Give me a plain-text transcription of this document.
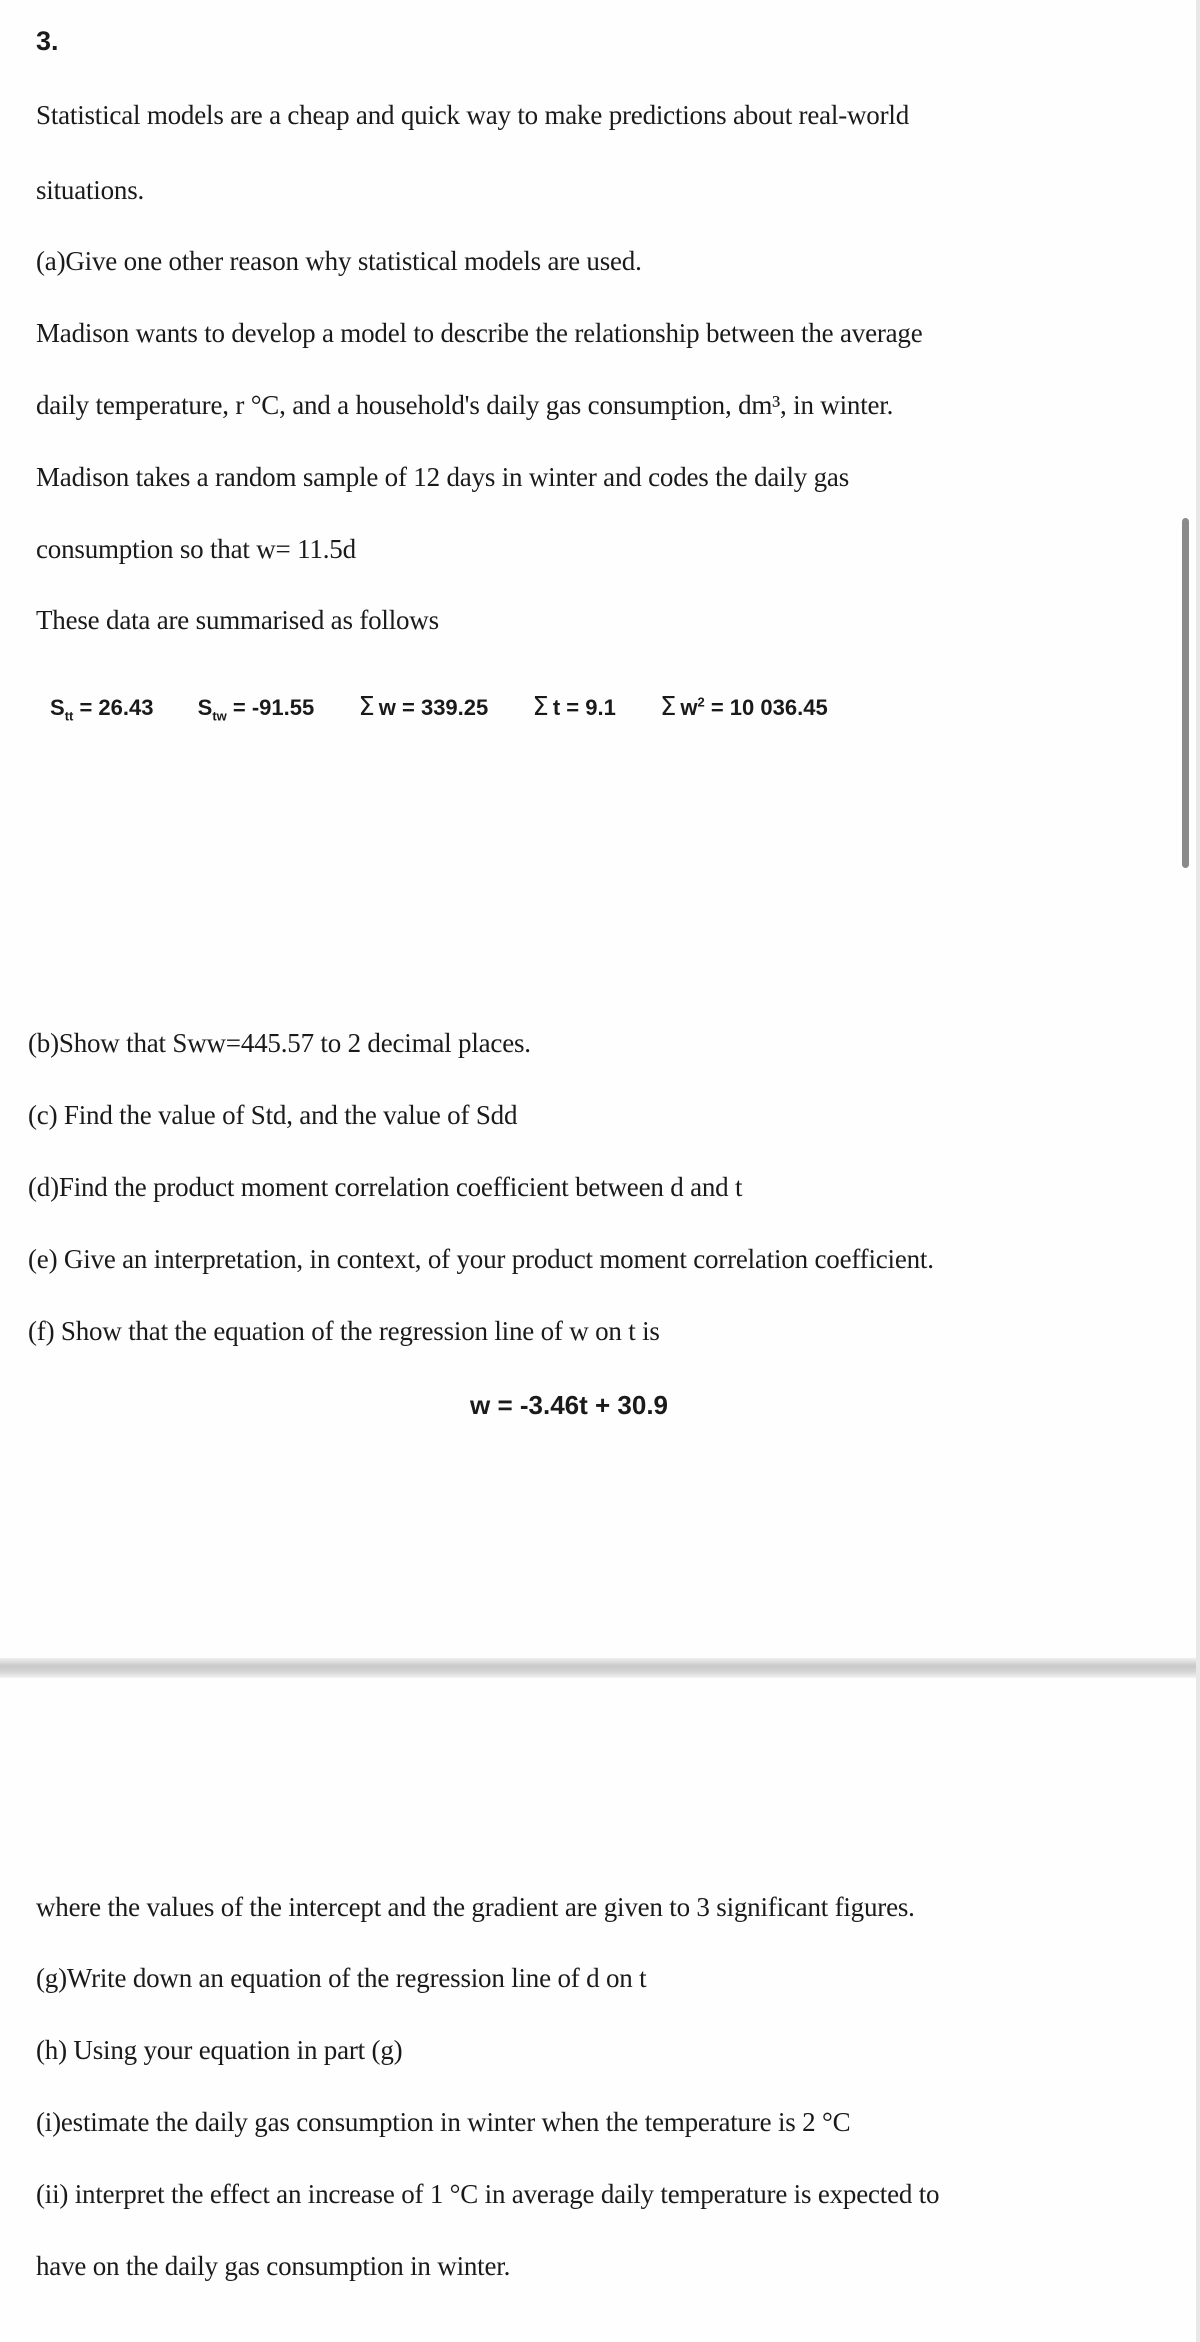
3.
Statistical models are a cheap and quick way to make predictions about real-world
situations.
(a)Give one other reason why statistical models are used.
Madison wants to develop a model to describe the relationship between the average
daily temperature, r °C, and a household's daily gas consumption, dm³, in winter.
Madison takes a random sample of 12 days in winter and codes the daily gas
consumption so that w= 11.5d
These data are summarised as follows
$S_{tt} = 26.43$ $S_{tw} = -91.55$ Σ w = 339.25 Σ t = 9.1 Σ $w^2 = 10$ 036.45
(b)Show that Sww=445.57 to 2 decimal places.
(c) Find the value of Std, and the value of Sdd
(d)Find the product moment correlation coefficient between d and t
(e) Give an interpretation, in context, of your product moment correlation coefficient.
(f) Show that the equation of the regression line of w on t is
w = -3.46t + 30.9
where the values of the intercept and the gradient are given to 3 significant figures.
(g)Write down an equation of the regression line of d on t
(h) Using your equation in part (g)
(i)estimate the daily gas consumption in winter when the temperature is 2 °C
(ii) interpret the effect an increase of 1 °C in average daily temperature is expected to
have on the daily gas consumption in winter.
